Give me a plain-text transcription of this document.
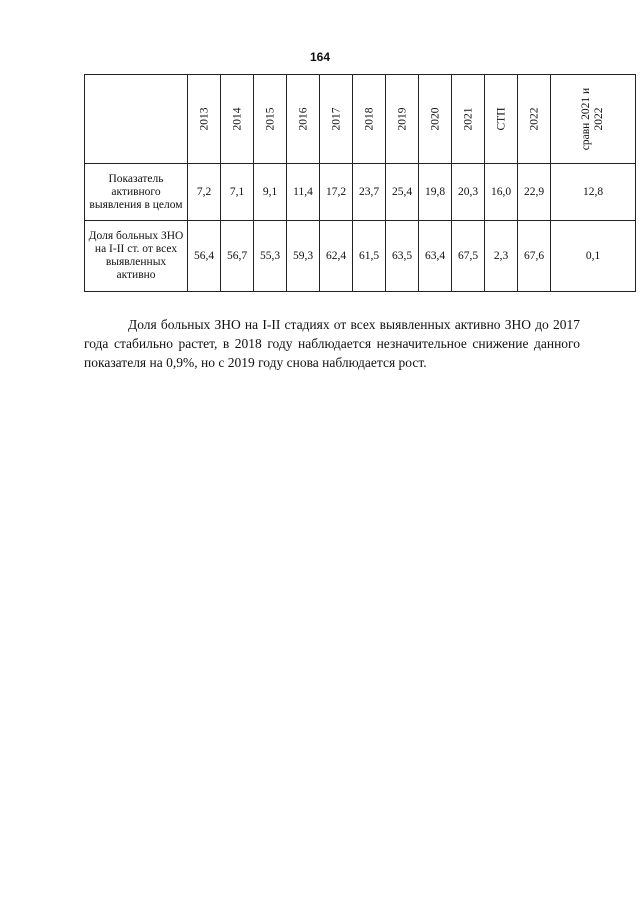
164
	2013	2014	2015	2016	2017	2018	2019	2020	2021	СТП	2022	сравн 2021 и 2022
Показатель активного выявления в целом	7,2	7,1	9,1	11,4	17,2	23,7	25,4	19,8	20,3	16,0	22,9	12,8
Доля больных ЗНО на I-II ст. от всех выявленных активно	56,4	56,7	55,3	59,3	62,4	61,5	63,5	63,4	67,5	2,3	67,6	0,1

Доля больных ЗНО на I-II стадиях от всех выявленных активно ЗНО до 2017 года стабильно растет, в 2018 году наблюдается незначительное снижение данного показателя на 0,9%, но с 2019 году снова наблюдается рост.
